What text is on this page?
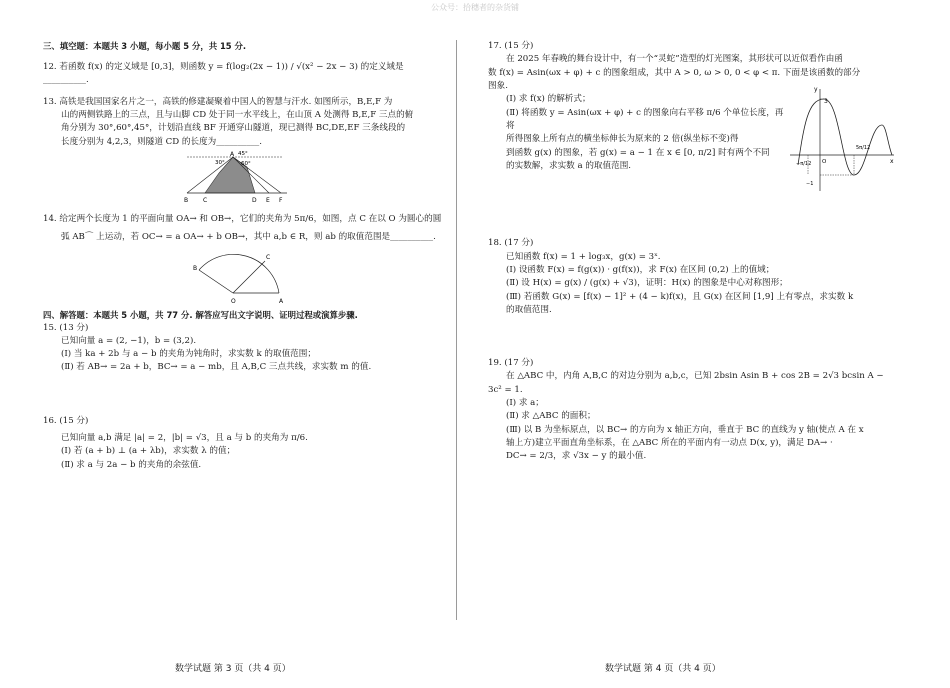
公众号：拾穗者的杂货铺

三、填空题：本题共 3 小题，每小题 5 分，共 15 分.

12. 若函数 f(x) 的定义域是 [0,3]，则函数 y = f(log₂(2x − 1)) / √(x² − 2x − 3) 的定义域是__________.

13. 高铁是我国国家名片之一，高铁的修建凝聚着中国人的智慧与汗水. 如图所示，B,E,F 为

山的两侧铁路上的三点，且与山脚 CD 处于同一水平线上，在山顶 A 处测得 B,E,F 三点的俯

角分别为 30°,60°,45°，计划沿直线 BF 开通穿山隧道，现已测得 BC,DE,EF 三条线段的

长度分别为 4,2,3，则隧道 CD 的长度为__________.

A
B C	D E F
30°
45°
60°

14. 给定两个长度为 1 的平面向量 OA→ 和 OB→，它们的夹角为 5π/6，如图，点 C 在以 O 为圆心的圆

弧 AB⌒ 上运动，若 OC→ = a OA→ + b OB→，其中 a,b ∈ R，则 ab 的取值范围是__________.

O	A
B
C

四、解答题：本题共 5 小题，共 77 分. 解答应写出文字说明、证明过程或演算步骤.

15. (13 分)

已知向量 a = (2, −1)，b = (3,2).

(Ⅰ) 当 ka + 2b 与 a − b 的夹角为钝角时，求实数 k 的取值范围；

(Ⅱ) 若 AB→ = 2a + b，BC→ = a − mb，且 A,B,C 三点共线，求实数 m 的值.

16. (15 分)

已知向量 a,b 满足 |a| = 2，|b| = √3，且 a 与 b 的夹角为 π/6.

(Ⅰ) 若 (a + b) ⊥ (a + λb)，求实数 λ 的值；

(Ⅱ) 求 a 与 2a − b 的夹角的余弦值.

17. (15 分)

在 2025 年春晚的舞台设计中，有一个“灵蛇”造型的灯光图案，其形状可以近似看作由函

数 f(x) = Asin(ωx + φ) + c 的图象组成，其中 A > 0, ω > 0, 0 < φ < π. 下面是该函数的部分

图象.

(Ⅰ) 求 f(x) 的解析式；

(Ⅱ) 将函数 y = Asin(ωx + φ) + c 的图象向右平移 π/6 个单位长度，再将

所得图象上所有点的横坐标伸长为原来的 2 倍(纵坐标不变)得

到函数 g(x) 的图象，若 g(x) = a − 1 在 x ∈ [0, π/2] 时有两个不同

的实数解，求实数 a 的取值范围.

y
x
O
3
−1
−π/12
5π/12

18. (17 分)

已知函数 f(x) = 1 + log₃x，g(x) = 3ˣ.

(Ⅰ) 设函数 F(x) = f(g(x)) · g(f(x))，求 F(x) 在区间 (0,2) 上的值域；

(Ⅱ) 设 H(x) = g(x) / (g(x) + √3)，证明：H(x) 的图象是中心对称图形；

(Ⅲ) 若函数 G(x) = [f(x) − 1]² + (4 − k)f(x)，且 G(x) 在区间 [1,9] 上有零点，求实数 k

的取值范围.

19. (17 分)

在 △ABC 中，内角 A,B,C 的对边分别为 a,b,c，已知 2bsin Asin B + cos 2B = 2√3 bcsin A −

3c² = 1.

(Ⅰ) 求 a；

(Ⅱ) 求 △ABC 的面积；

(Ⅲ) 以 B 为坐标原点，以 BC→ 的方向为 x 轴正方向，垂直于 BC 的直线为 y 轴(使点 A 在 x

轴上方)建立平面直角坐标系，在 △ABC 所在的平面内有一动点 D(x, y)，满足 DA→ ·

DC→ = 2/3，求 √3x − y 的最小值.

数学试题 第 3 页（共 4 页）	数学试题 第 4 页（共 4 页）
